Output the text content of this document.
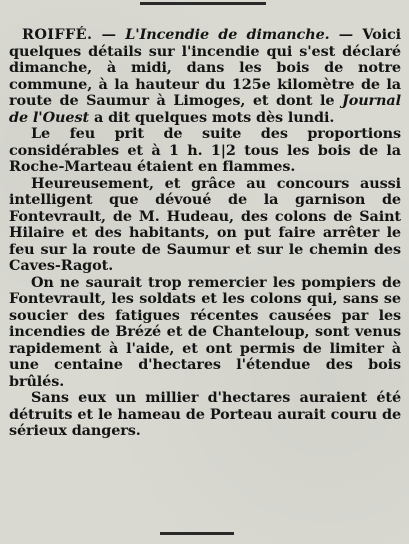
ROIFFÉ. — L'Incendie de dimanche. — Voici quelques détails sur l'incendie qui s'est déclaré dimanche, à midi, dans les bois de notre commune, à la hauteur du 125e kilomètre de la route de Saumur à Limoges, et dont le Journal de l'Ouest a dit quelques mots dès lundi.

Le feu prit de suite des proportions considérables et à 1 h. 1|2 tous les bois de la Roche-Marteau étaient en flammes.

Heureusement, et grâce au concours aussi intelligent que dévoué de la garnison de Fontevrault, de M. Hudeau, des colons de Saint Hilaire et des habitants, on put faire arrêter le feu sur la route de Saumur et sur le chemin des Caves-Ragot.

On ne saurait trop remercier les pompiers de Fontevrault, les soldats et les colons qui, sans se soucier des fatigues récentes causées par les incendies de Brézé et de Chanteloup, sont venus rapidement à l'aide, et ont permis de limiter à une centaine d'hectares l'étendue des bois brûlés.

Sans eux un millier d'hectares auraient été détruits et le hameau de Porteau aurait couru de sérieux dangers.
